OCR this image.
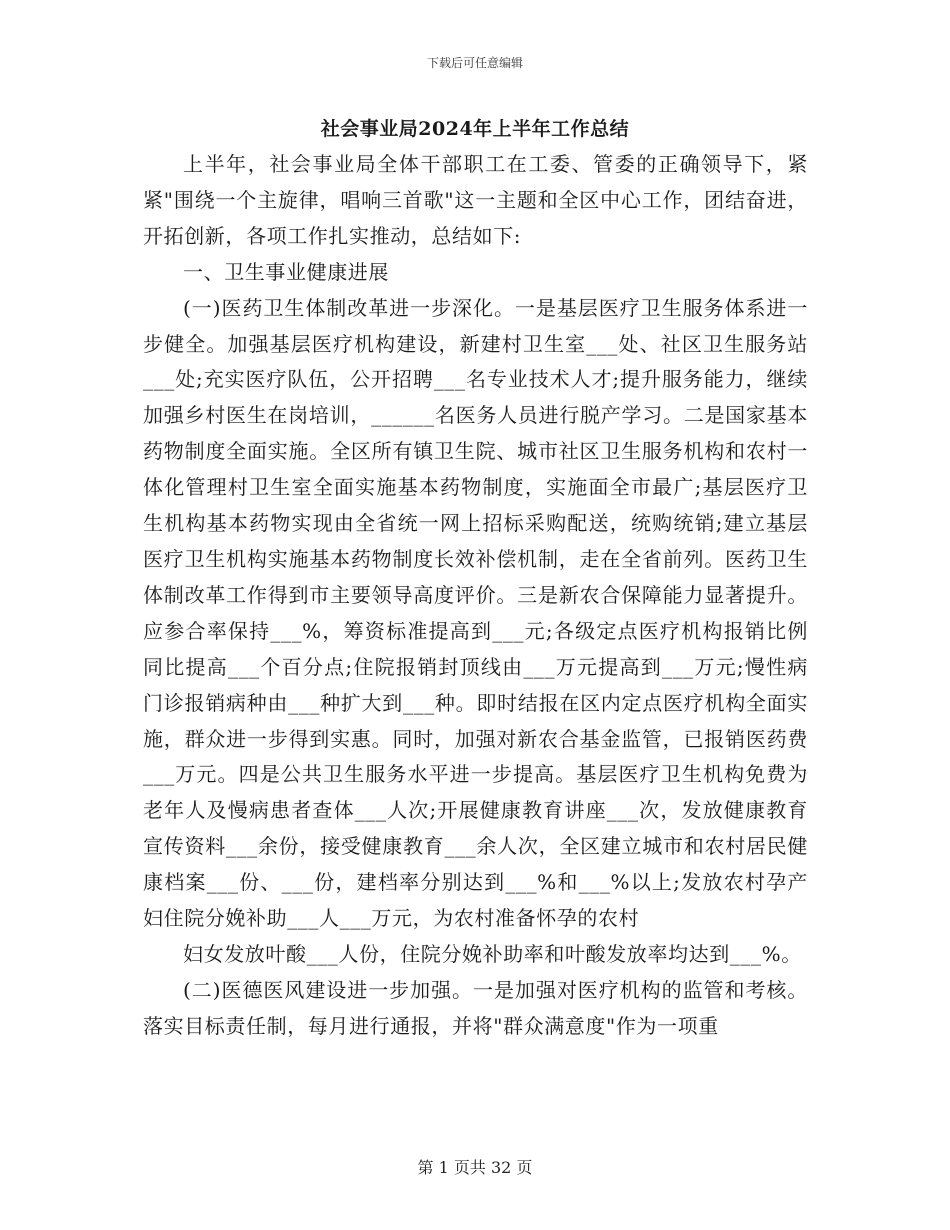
下载后可任意编辑
社会事业局2024年上半年工作总结

上半年，社会事业局全体干部职工在工委、管委的正确领导下，紧紧"围绕一个主旋律，唱响三首歌"这一主题和全区中心工作，团结奋进，开拓创新，各项工作扎实推动，总结如下:

一、卫生事业健康进展

(一)医药卫生体制改革进一步深化。一是基层医疗卫生服务体系进一步健全。加强基层医疗机构建设，新建村卫生室___处、社区卫生服务站___处;充实医疗队伍，公开招聘___名专业技术人才;提升服务能力，继续加强乡村医生在岗培训，______名医务人员进行脱产学习。二是国家基本药物制度全面实施。全区所有镇卫生院、城市社区卫生服务机构和农村一体化管理村卫生室全面实施基本药物制度，实施面全市最广;基层医疗卫生机构基本药物实现由全省统一网上招标采购配送，统购统销;建立基层医疗卫生机构实施基本药物制度长效补偿机制，走在全省前列。医药卫生体制改革工作得到市主要领导高度评价。三是新农合保障能力显著提升。应参合率保持___%，筹资标准提高到___元;各级定点医疗机构报销比例同比提高___个百分点;住院报销封顶线由___万元提高到___万元;慢性病门诊报销病种由___种扩大到___种。即时结报在区内定点医疗机构全面实施，群众进一步得到实惠。同时，加强对新农合基金监管，已报销医药费___万元。四是公共卫生服务水平进一步提高。基层医疗卫生机构免费为老年人及慢病患者查体___人次;开展健康教育讲座___次，发放健康教育宣传资料___余份，接受健康教育___余人次，全区建立城市和农村居民健康档案___份、___份，建档率分别达到___%和___%以上;发放农村孕产妇住院分娩补助___人___万元，为农村准备怀孕的农村

妇女发放叶酸___人份，住院分娩补助率和叶酸发放率均达到___%。

(二)医德医风建设进一步加强。一是加强对医疗机构的监管和考核。落实目标责任制，每月进行通报，并将"群众满意度"作为一项重

第 1 页共 32 页
